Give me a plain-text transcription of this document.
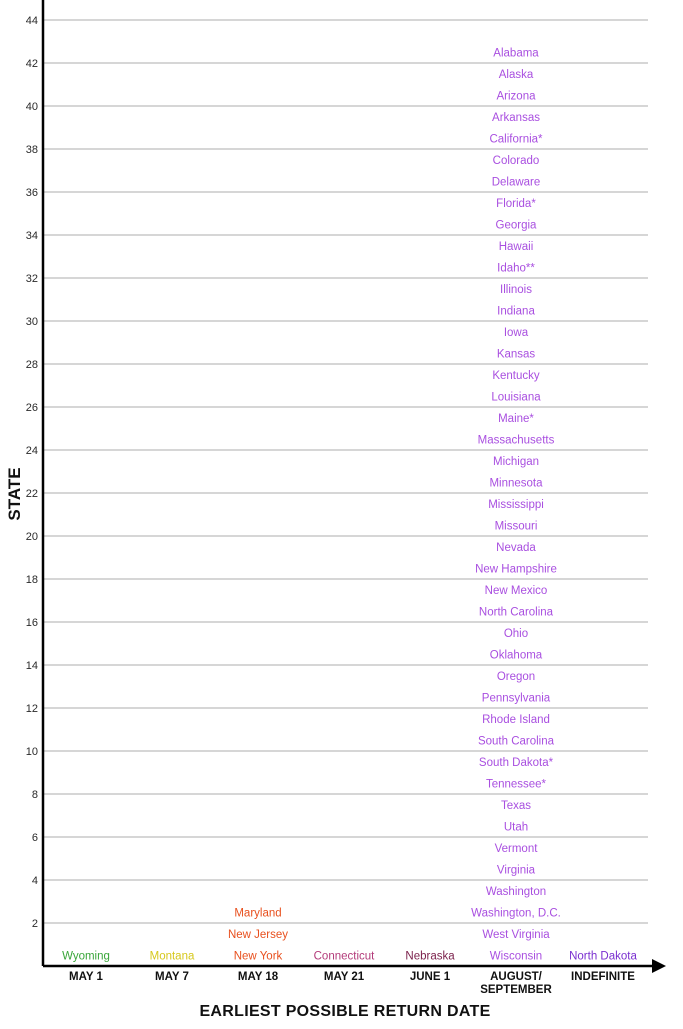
2
4
6
8
10
12
14
16
18
20
22
24
26
28
30
32
34
36
38
40
42
44
MAY 1	MAY 7	MAY 18	MAY 21	JUNE 1	AUGUST/
SEPTEMBER
INDEFINITE
Wyoming	Montana	New York
New Jersey
Maryland
Connecticut	Nebraska	Wisconsin
West Virginia
Washington, D.C.
Washington
Virginia
Vermont
Utah
Texas
Tennessee*
South Dakota*
South Carolina
Rhode Island
Pennsylvania
Oregon
Oklahoma
Ohio
North Carolina
New Mexico
New Hampshire
Nevada
Missouri
Mississippi
Minnesota
Michigan
Massachusetts
Maine*
Louisiana
Kentucky
Kansas
Iowa
Indiana
Illinois
Idaho**
Hawaii
Georgia
Florida*
Delaware
Colorado
California*
Arkansas
Arizona
Alaska
Alabama
North Dakota
STATE
EARLIEST POSSIBLE RETURN DATE
